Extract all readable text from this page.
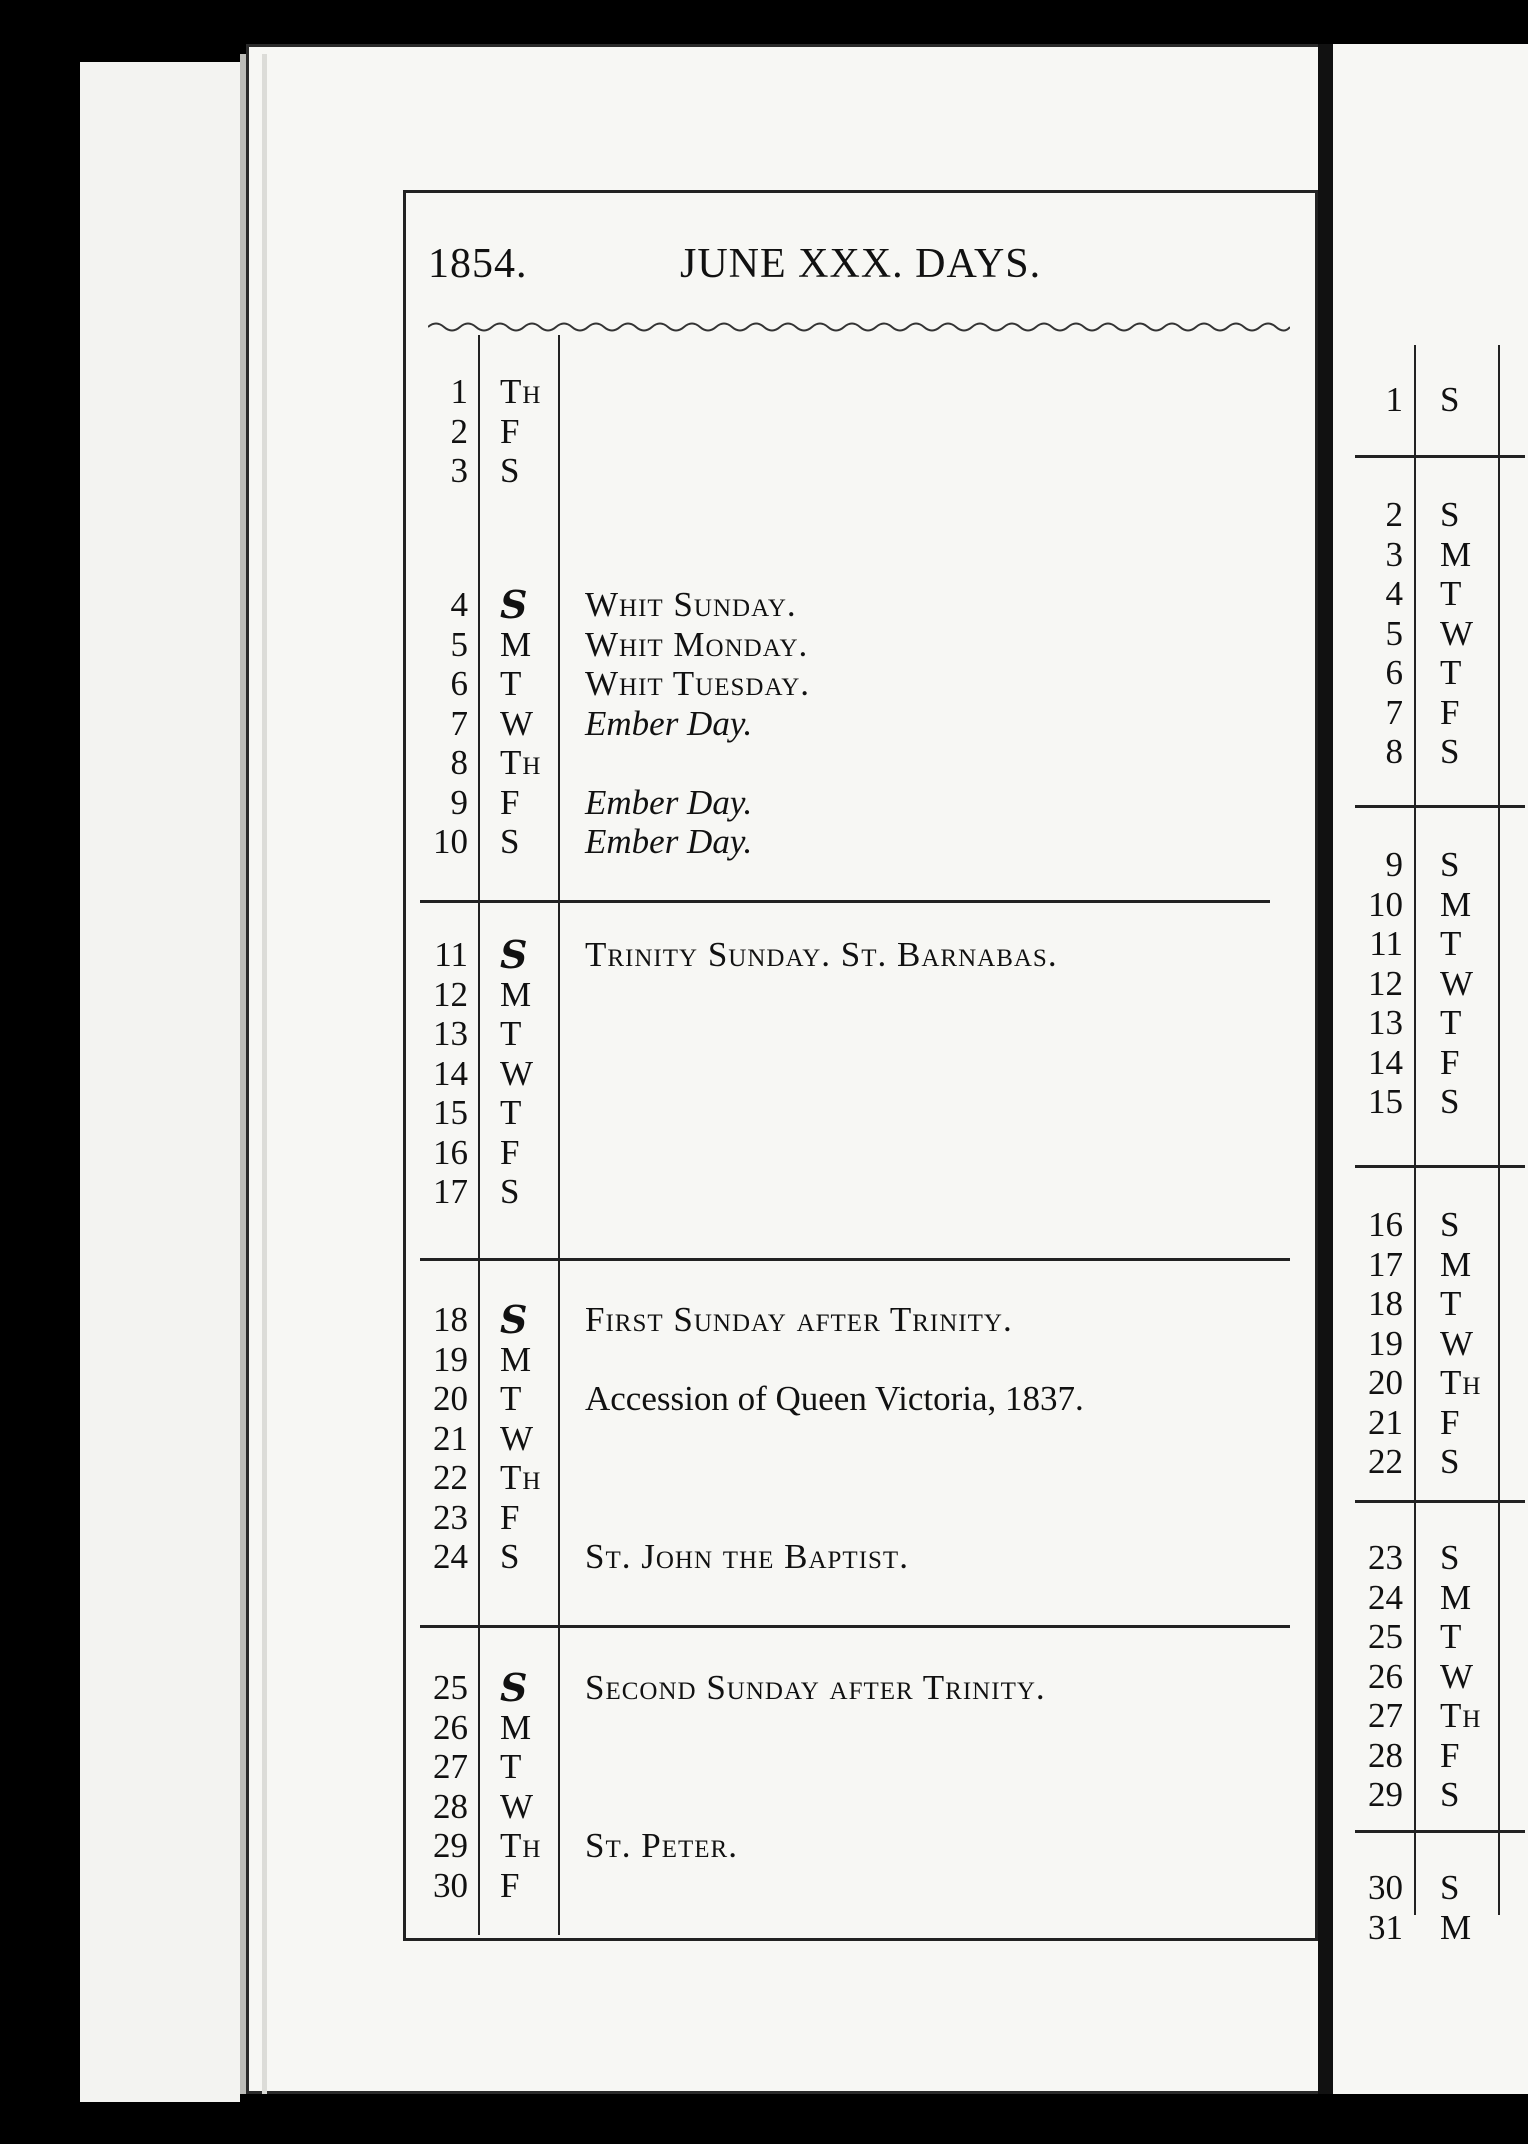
1854.	JUNE XXX. DAYS.
1 Th
2 F
3 S
4 S	Whit Sunday.
5 M	Whit Monday.
6 T	Whit Tuesday.
7 W	Ember Day.
8 Th
9 F	Ember Day.
10 S	Ember Day.
11 S	Trinity Sunday. St. Barnabas.
12 M
13 T
14 W
15 T
16 F
17 S
18 S	First Sunday after Trinity.
19 M
20 T	Accession of Queen Victoria, 1837.
21 W
22 Th
23 F
24 S	St. John the Baptist.
25 S	Second Sunday after Trinity.
26 M
27 T
28 W
29 Th	St. Peter.
30 F
1 S
2 S
3 M
4 T
5 W
6 T
7 F
8 S
9 S
10 M
11 T
12 W
13 T
14 F
15 S
16 S
17 M
18 T
19 W
20 Th
21 F
22 S
23 S
24 M
25 T
26 W
27 Th
28 F
29 S
30 S
31 M
